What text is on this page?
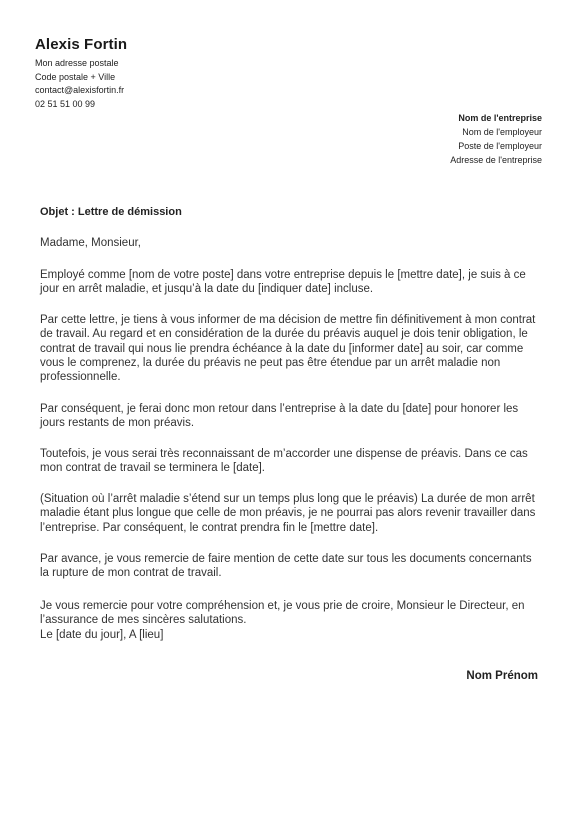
Alexis Fortin
Mon adresse postale
Code postale + Ville
contact@alexisfortin.fr
02 51 51 00 99
Nom de l'entreprise
Nom de l'employeur
Poste de l'employeur
Adresse de l'entreprise
Objet : Lettre de démission
Madame, Monsieur,
Employé comme [nom de votre poste] dans votre entreprise depuis le [mettre date], je suis à ce jour en arrêt maladie, et jusqu’à la date du [indiquer date] incluse.
Par cette lettre, je tiens à vous informer de ma décision de mettre fin définitivement à mon contrat de travail. Au regard et en considération de la durée du préavis auquel je dois tenir obligation, le contrat de travail qui nous lie prendra échéance à la date du [informer date] au soir, car comme vous le comprenez, la durée du préavis ne peut pas être étendue par un arrêt maladie non professionnelle.
Par conséquent, je ferai donc mon retour dans l’entreprise à la date du [date] pour honorer les jours restants de mon préavis.
Toutefois, je vous serai très reconnaissant de m’accorder une dispense de préavis. Dans ce cas mon contrat de travail se terminera le [date].
(Situation où l’arrêt maladie s’étend sur un temps plus long que le préavis) La durée de mon arrêt maladie étant plus longue que celle de mon préavis, je ne pourrai pas alors revenir travailler dans l’entreprise. Par conséquent, le contrat prendra fin le [mettre date].
Par avance, je vous remercie de faire mention de cette date sur tous les documents concernants la rupture de mon contrat de travail.
Je vous remercie pour votre compréhension et, je vous prie de croire, Monsieur le Directeur, en l’assurance de mes sincères salutations.
Le [date du jour], A [lieu]
Nom Prénom
